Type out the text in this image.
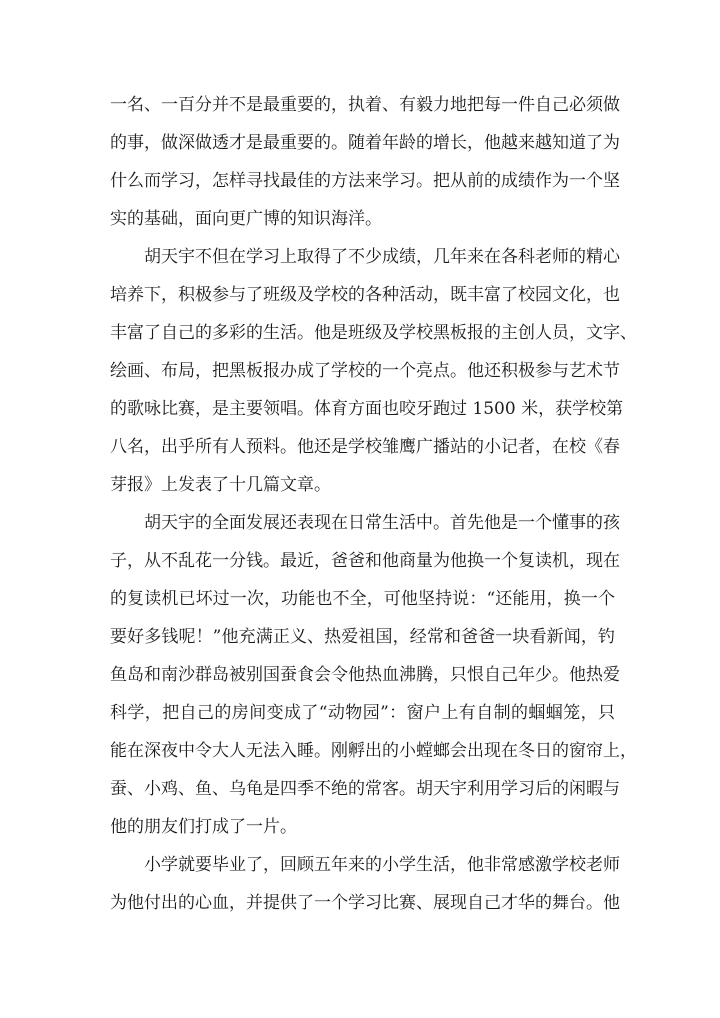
一名、一百分并不是最重要的，执着、有毅力地把每一件自己必须做
的事，做深做透才是最重要的。随着年龄的增长，他越来越知道了为
什么而学习，怎样寻找最佳的方法来学习。把从前的成绩作为一个坚
实的基础，面向更广博的知识海洋。
胡天宇不但在学习上取得了不少成绩，几年来在各科老师的精心
培养下，积极参与了班级及学校的各种活动，既丰富了校园文化，也
丰富了自己的多彩的生活。他是班级及学校黑板报的主创人员，文字、
绘画、布局，把黑板报办成了学校的一个亮点。他还积极参与艺术节
的歌咏比赛，是主要领唱。体育方面也咬牙跑过 1500 米，获学校第
八名，出乎所有人预料。他还是学校雏鹰广播站的小记者，在校《春
芽报》上发表了十几篇文章。
胡天宇的全面发展还表现在日常生活中。首先他是一个懂事的孩
子，从不乱花一分钱。最近，爸爸和他商量为他换一个复读机，现在
的复读机已坏过一次，功能也不全，可他坚持说：“还能用，换一个
要好多钱呢！”他充满正义、热爱祖国，经常和爸爸一块看新闻，钓
鱼岛和南沙群岛被别国蚕食会令他热血沸腾，只恨自己年少。他热爱
科学，把自己的房间变成了“动物园”：窗户上有自制的蝈蝈笼，只
能在深夜中令大人无法入睡。刚孵出的小螳螂会出现在冬日的窗帘上，
蚕、小鸡、鱼、乌龟是四季不绝的常客。胡天宇利用学习后的闲暇与
他的朋友们打成了一片。
小学就要毕业了，回顾五年来的小学生活，他非常感激学校老师
为他付出的心血，并提供了一个学习比赛、展现自己才华的舞台。他
